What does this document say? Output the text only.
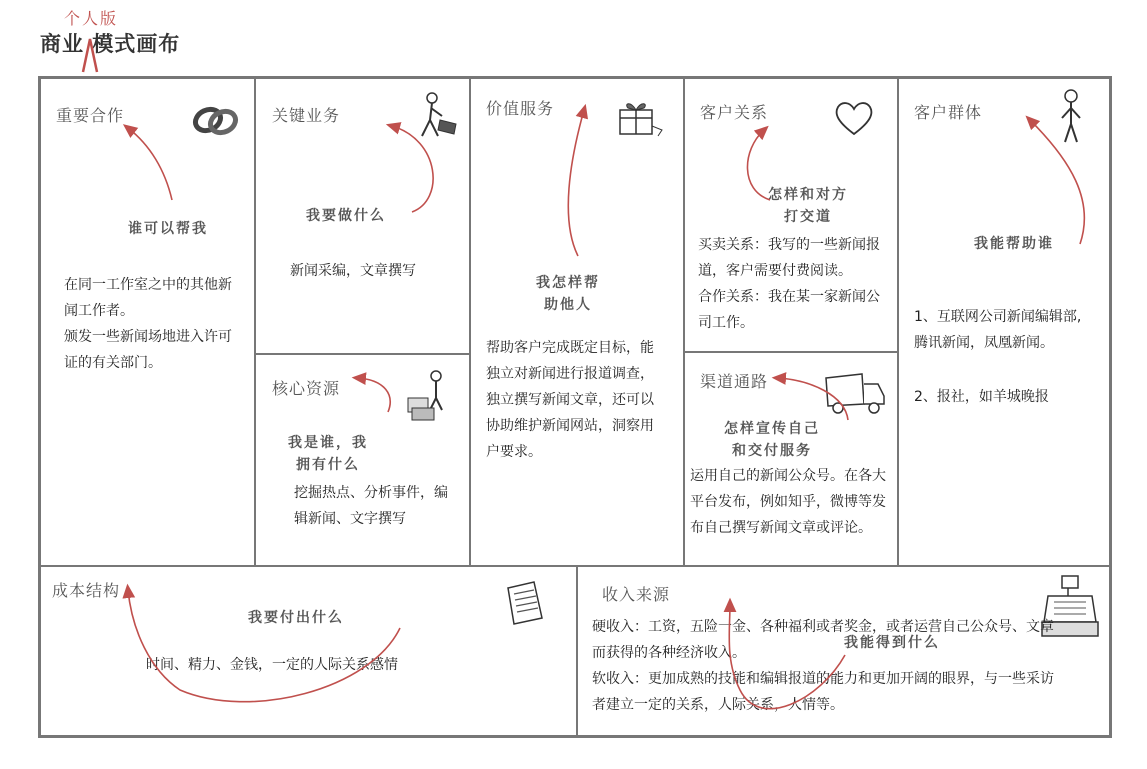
个人版
商业 模式画布
重要合作
谁可以帮我

在同一工作室之中的其他新闻工作者。

颁发一些新闻场地进入许可证的有关部门。

关键业务
我要做什么

新闻采编，文章撰写

核心资源
我是谁，我
拥有什么

挖掘热点、分析事件，编辑新闻、文字撰写

价值服务
我怎样帮
助他人

帮助客户完成既定目标，能独立对新闻进行报道调查，独立撰写新闻文章，还可以协助维护新闻网站，洞察用户要求。

客户关系
怎样和对方
打交道

买卖关系：我写的一些新闻报道，客户需要付费阅读。

合作关系：我在某一家新闻公司工作。

渠道通路
怎样宣传自己
和交付服务

运用自己的新闻公众号。在各大平台发布，例如知乎，微博等发布自己撰写新闻文章或评论。

客户群体
我能帮助谁

1、互联网公司新闻编辑部,腾讯新闻，凤凰新闻。

2、报社，如羊城晚报

成本结构
我要付出什么

时间、精力、金钱，一定的人际关系感情

收入来源
我能得到什么

硬收入：工资，五险一金、各种福利或者奖金，或者运营自己公众号、文章而获得的各种经济收入。

软收入：更加成熟的技能和编辑报道的能力和更加开阔的眼界，与一些采访者建立一定的关系，人际关系，人情等。
